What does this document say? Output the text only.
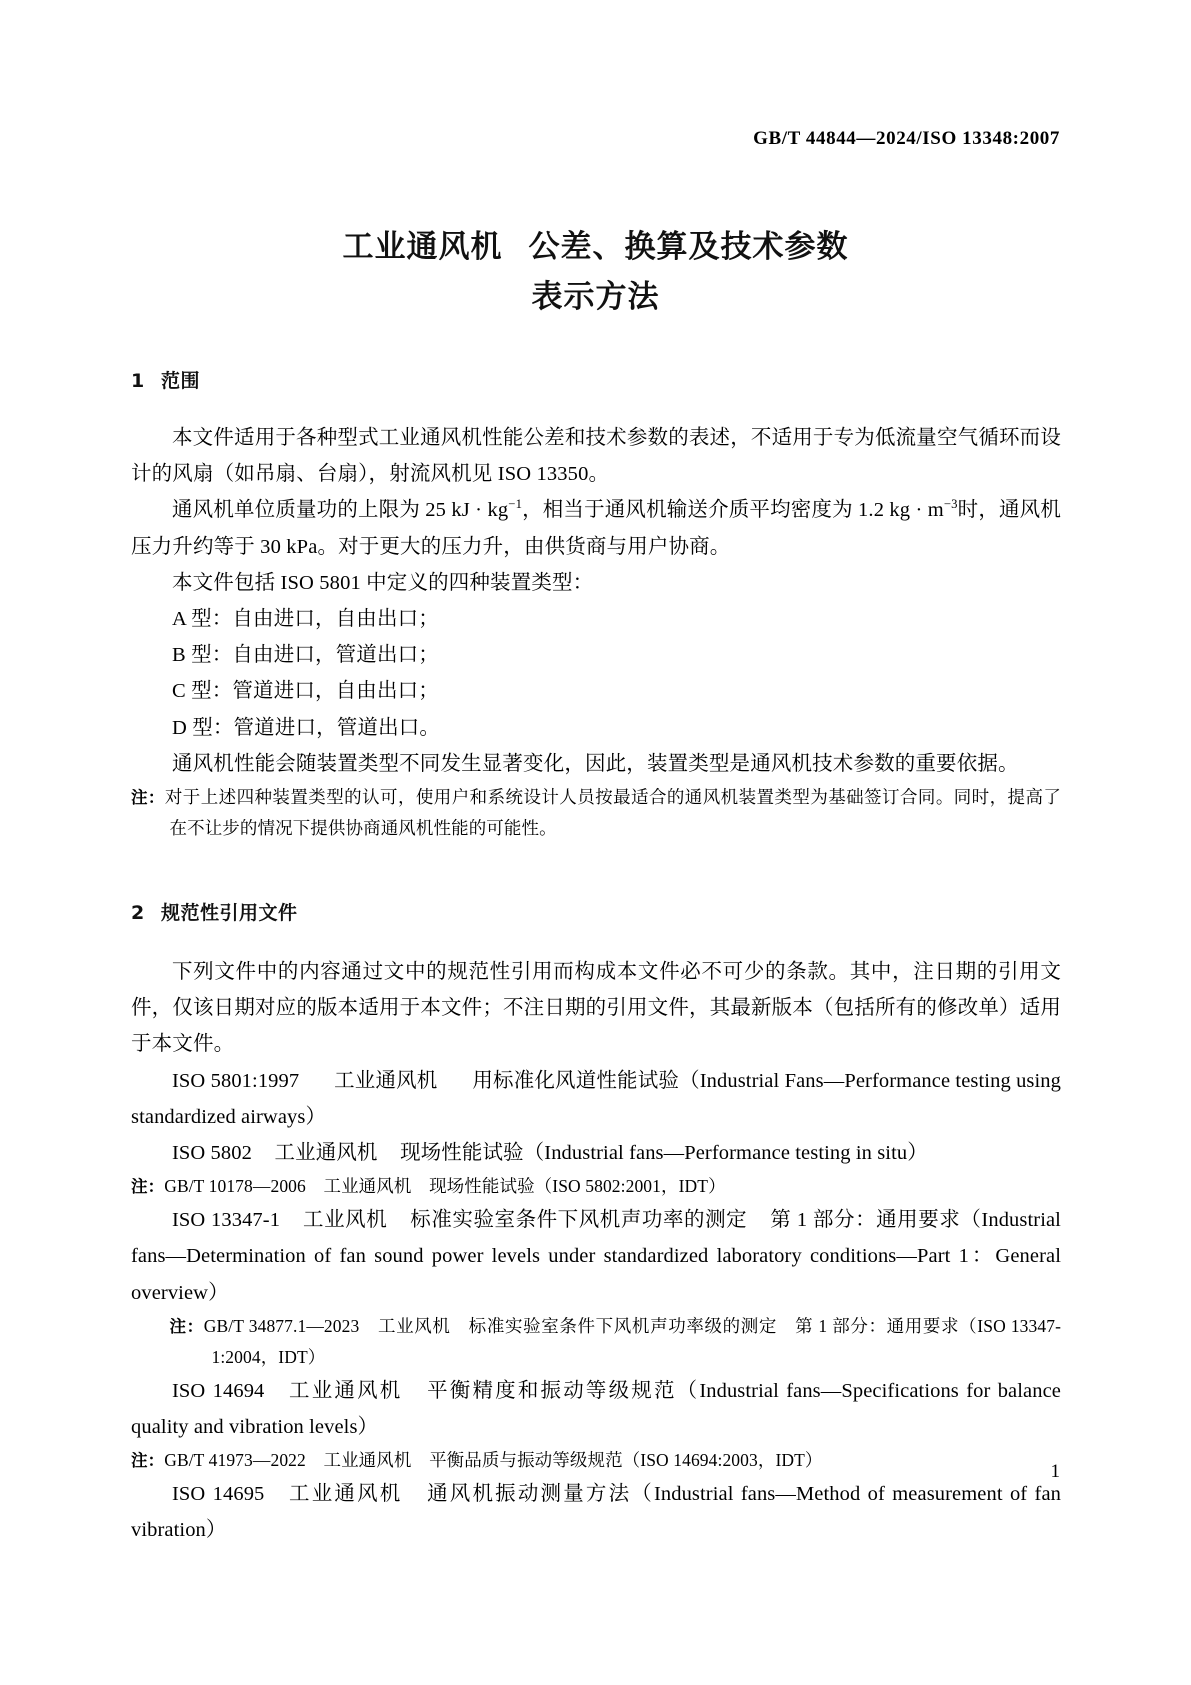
GB/T 44844—2024/ISO 13348:2007
工业通风机 公差、换算及技术参数
表示方法
1 范围

本文件适用于各种型式工业通风机性能公差和技术参数的表述，不适用于专为低流量空气循环而设计的风扇（如吊扇、台扇），射流风机见 ISO 13350。

通风机单位质量功的上限为 25 kJ · $kg^{-1}$，相当于通风机输送介质平均密度为 1.2 kg · $m^{-3}$时，通风机压力升约等于 30 kPa。对于更大的压力升，由供货商与用户协商。

本文件包括 ISO 5801 中定义的四种装置类型：

A 型：自由进口，自由出口；

B 型：自由进口，管道出口；

C 型：管道进口，自由出口；

D 型：管道进口，管道出口。

通风机性能会随装置类型不同发生显著变化，因此，装置类型是通风机技术参数的重要依据。

注：对于上述四种装置类型的认可，使用户和系统设计人员按最适合的通风机装置类型为基础签订合同。同时，提高了在不让步的情况下提供协商通风机性能的可能性。

2 规范性引用文件

下列文件中的内容通过文中的规范性引用而构成本文件必不可少的条款。其中，注日期的引用文件，仅该日期对应的版本适用于本文件；不注日期的引用文件，其最新版本（包括所有的修改单）适用于本文件。

ISO 5801:1997 工业通风机 用标准化风道性能试验（Industrial Fans—Performance testing using standardized airways）

ISO 5802 工业通风机 现场性能试验（Industrial fans—Performance testing in situ）

注：GB/T 10178—2006　工业通风机　现场性能试验（ISO 5802:2001，IDT）

ISO 13347-1 工业风机 标准实验室条件下风机声功率的测定 第 1 部分：通用要求（Industrial fans—Determination of fan sound power levels under standardized laboratory conditions—Part 1：General overview）

注：GB/T 34877.1—2023　工业风机　标准实验室条件下风机声功率级的测定　第 1 部分：通用要求（ISO 13347-1:2004，IDT）

ISO 14694 工业通风机 平衡精度和振动等级规范（Industrial fans—Specifications for balance quality and vibration levels）

注：GB/T 41973—2022　工业通风机　平衡品质与振动等级规范（ISO 14694:2003，IDT）

ISO 14695 工业通风机 通风机振动测量方法（Industrial fans—Method of measurement of fan vibration）

1
